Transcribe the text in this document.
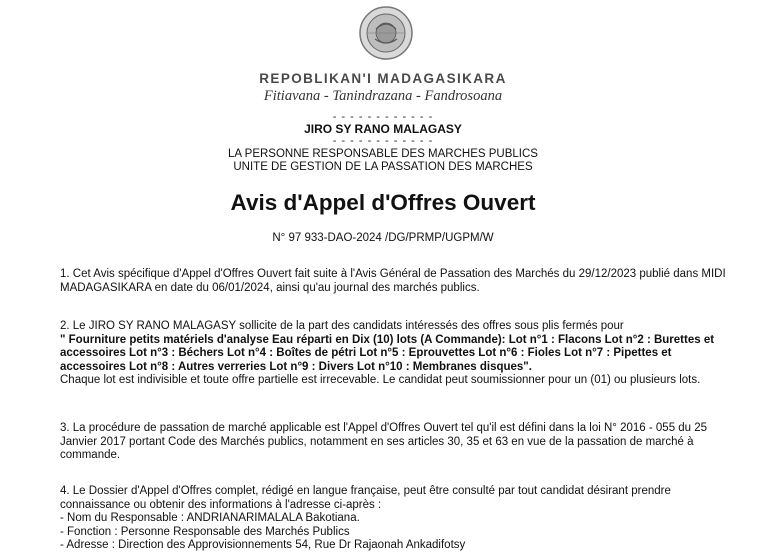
REPOBLIKAN'I MADAGASIKARA
Fitiavana - Tanindrazana - Fandrosoana
- - - - - - - - - - - -
JIRO SY RANO MALAGASY
- - - - - - - - - - - -
LA PERSONNE RESPONSABLE DES MARCHES PUBLICS
UNITE DE GESTION DE LA PASSATION DES MARCHES
Avis d'Appel d'Offres Ouvert
N° 97 933-DAO-2024 /DG/PRMP/UGPM/W

1. Cet Avis spécifique d'Appel d'Offres Ouvert fait suite à l'Avis Général de Passation des Marchés du 29/12/2023 publié dans MIDI MADAGASIKARA en date du 06/01/2024, ainsi qu'au journal des marchés publics.

2. Le JIRO SY RANO MALAGASY sollicite de la part des candidats intéressés des offres sous plis fermés pour
" Fourniture petits matériels d'analyse Eau réparti en Dix (10) lots (A Commande): Lot n°1 : Flacons Lot n°2 : Burettes et accessoires Lot n°3 : Béchers Lot n°4 : Boîtes de pétri Lot n°5 : Eprouvettes Lot n°6 : Fioles Lot n°7 : Pipettes et accessoires Lot n°8 : Autres verreries Lot n°9 : Divers Lot n°10 : Membranes disques".
Chaque lot est indivisible et toute offre partielle est irrecevable. Le candidat peut soumissionner pour un (01) ou plusieurs lots.

3. La procédure de passation de marché applicable est l'Appel d'Offres Ouvert tel qu'il est défini dans la loi N° 2016 - 055 du 25 Janvier 2017 portant Code des Marchés publics, notamment en ses articles 30, 35 et 63 en vue de la passation de marché à commande.

4. Le Dossier d'Appel d'Offres complet, rédigé en langue française, peut être consulté par tout candidat désirant prendre connaissance ou obtenir des informations à l'adresse ci-après :
- Nom du Responsable : ANDRIANARIMALALA Bakotiana.
- Fonction : Personne Responsable des Marchés Publics
- Adresse : Direction des Approvisionnements 54, Rue Dr Rajaonah Ankadifotsy
